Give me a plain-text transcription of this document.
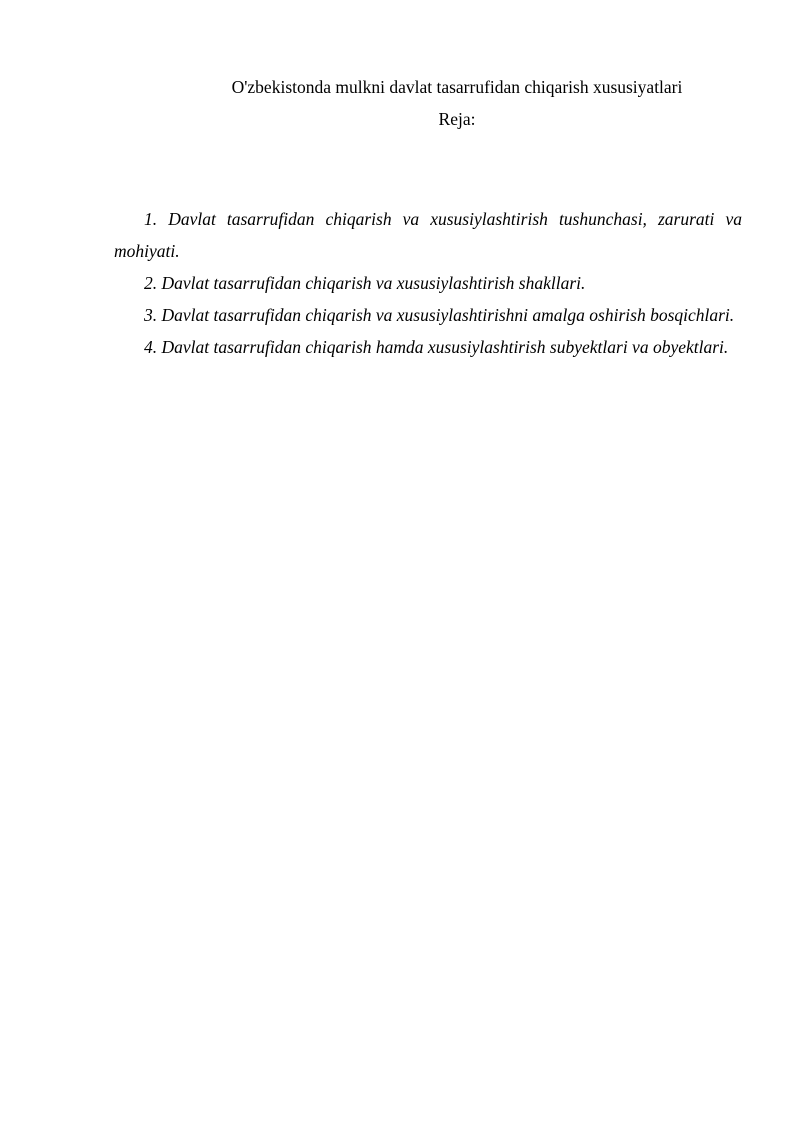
O'zbekistonda mulkni davlat tasarrufidan chiqarish xususiyatlari
Reja:

1. Davlat tasarrufidan chiqarish va xususiylashtirish tushunchasi, zarurati va mohiyati.

2. Davlat tasarrufidan chiqarish va xususiylashtirish shakllari.

3. Davlat tasarrufidan chiqarish va xususiylashtirishni amalga oshirish bosqichlari.

4. Davlat tasarrufidan chiqarish hamda xususiylashtirish subyektlari va obyektlari.
